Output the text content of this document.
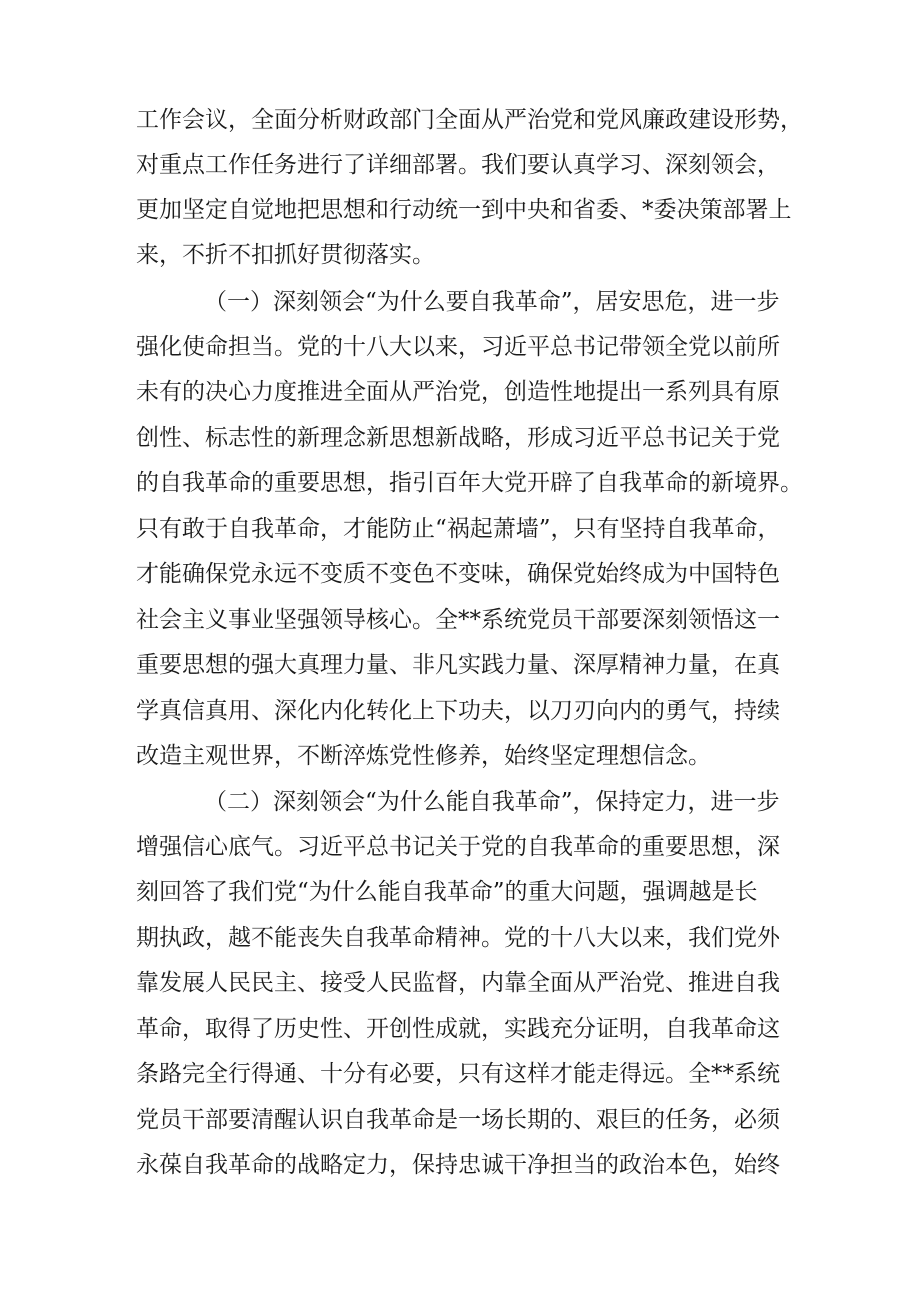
工作会议，全面分析财政部门全面从严治党和党风廉政建设形势，
对重点工作任务进行了详细部署。我们要认真学习、深刻领会，
更加坚定自觉地把思想和行动统一到中央和省委、*委决策部署上
来，不折不扣抓好贯彻落实。
（一）深刻领会“为什么要自我革命”，居安思危，进一步
强化使命担当。党的十八大以来，习近平总书记带领全党以前所
未有的决心力度推进全面从严治党，创造性地提出一系列具有原
创性、标志性的新理念新思想新战略，形成习近平总书记关于党
的自我革命的重要思想，指引百年大党开辟了自我革命的新境界。
只有敢于自我革命，才能防止“祸起萧墙”，只有坚持自我革命，
才能确保党永远不变质不变色不变味，确保党始终成为中国特色
社会主义事业坚强领导核心。全**系统党员干部要深刻领悟这一
重要思想的强大真理力量、非凡实践力量、深厚精神力量，在真
学真信真用、深化内化转化上下功夫，以刀刃向内的勇气，持续
改造主观世界，不断淬炼党性修养，始终坚定理想信念。
（二）深刻领会“为什么能自我革命”，保持定力，进一步
增强信心底气。习近平总书记关于党的自我革命的重要思想，深
刻回答了我们党“为什么能自我革命”的重大问题，强调越是长
期执政，越不能丧失自我革命精神。党的十八大以来，我们党外
靠发展人民民主、接受人民监督，内靠全面从严治党、推进自我
革命，取得了历史性、开创性成就，实践充分证明，自我革命这
条路完全行得通、十分有必要，只有这样才能走得远。全**系统
党员干部要清醒认识自我革命是一场长期的、艰巨的任务，必须
永葆自我革命的战略定力，保持忠诚干净担当的政治本色，始终
